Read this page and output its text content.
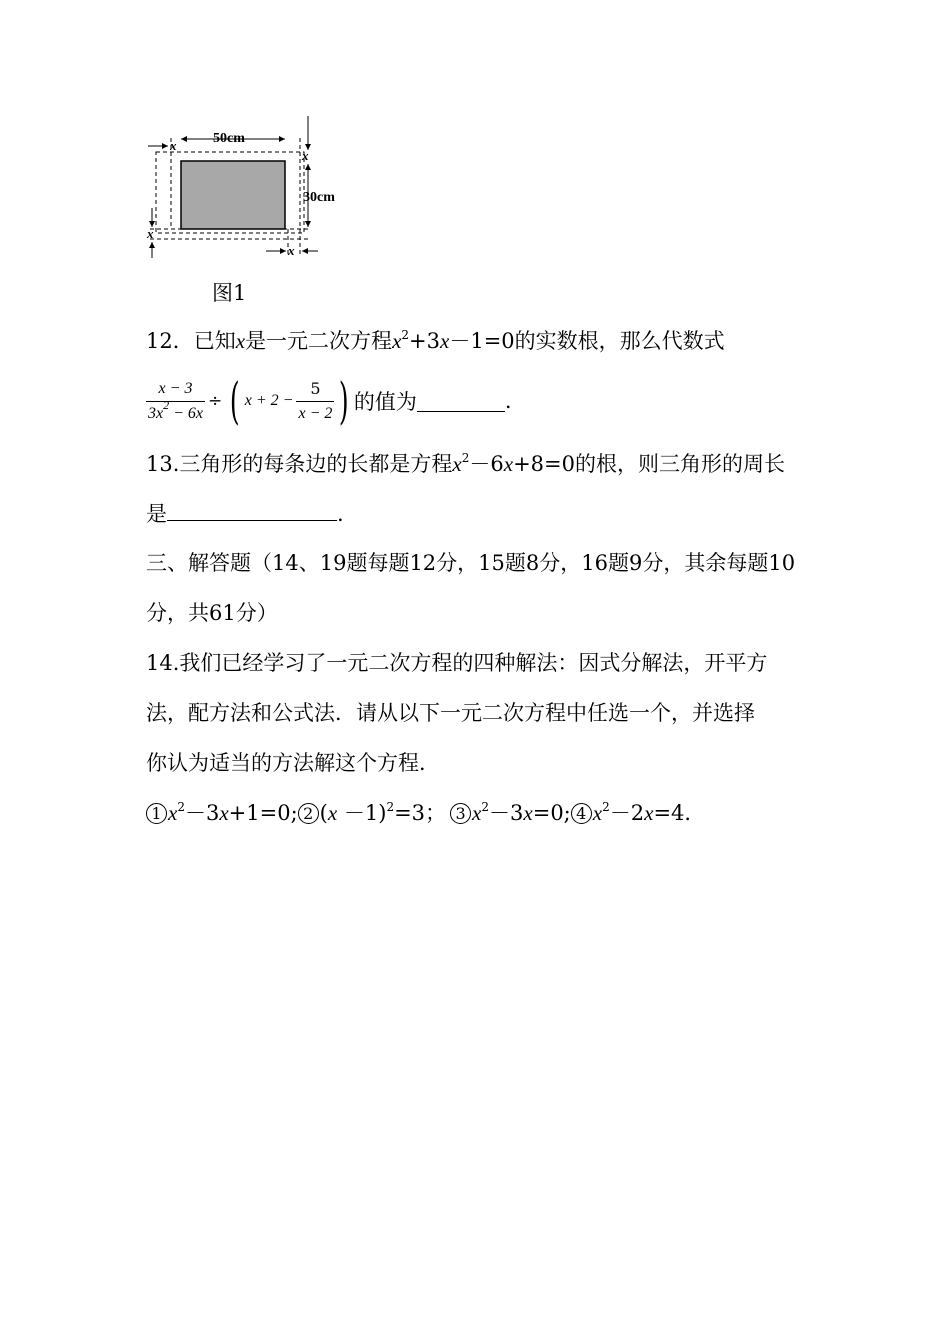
x	50cm
x
30cm
x
x
图1
12．已知x是一元二次方程$x^2+3x-1=0$的实数根，那么代数式
$\frac{x - 3}{3x^2 - 6x}$ ÷ ( $x + 2 - \frac{5}{x - 2}$ ) 的值为	.
13.三角形的每条边的长都是方程$x^2-6x+8=0$的根，则三角形的周长
是	.
三、解答题（14、19题每题12分，15题8分，16题9分，其余每题10
分，共61分）
14.我们已经学习了一元二次方程的四种解法：因式分解法，开平方
法，配方法和公式法．请从以下一元二次方程中任选一个，并选择
你认为适当的方法解这个方程．
1 $x^2-3x+1=0$; 2 $(x -1)^2=3$； 3 $x^2-3x=0$; 4 $x^2-2x=4$．
